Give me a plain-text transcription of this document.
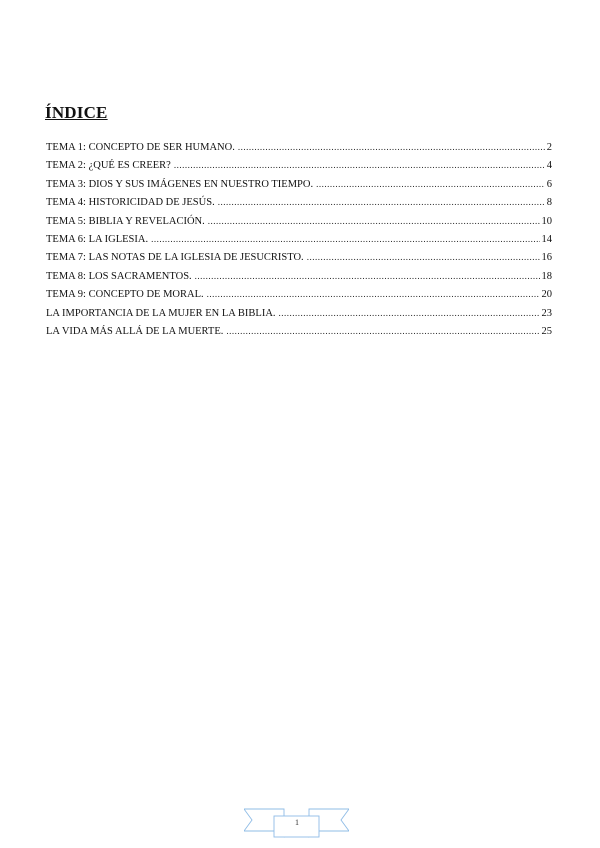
ÍNDICE
TEMA 1: CONCEPTO DE SER HUMANO. .....	2
TEMA 2: ¿QUÉ ES CREER? .....	4
TEMA 3: DIOS Y SUS IMÁGENES EN NUESTRO TIEMPO. .....	6
TEMA 4: HISTORICIDAD DE JESÚS. .....	8
TEMA 5: BIBLIA Y REVELACIÓN. .....	10
TEMA 6: LA IGLESIA. .....	14
TEMA 7: LAS NOTAS DE LA IGLESIA DE JESUCRISTO. .....	16
TEMA 8: LOS SACRAMENTOS. .....	18
TEMA 9: CONCEPTO DE MORAL. .....	20
LA IMPORTANCIA DE LA MUJER EN LA BIBLIA. .....	23
LA VIDA MÁS ALLÁ DE LA MUERTE. .....	25
1
